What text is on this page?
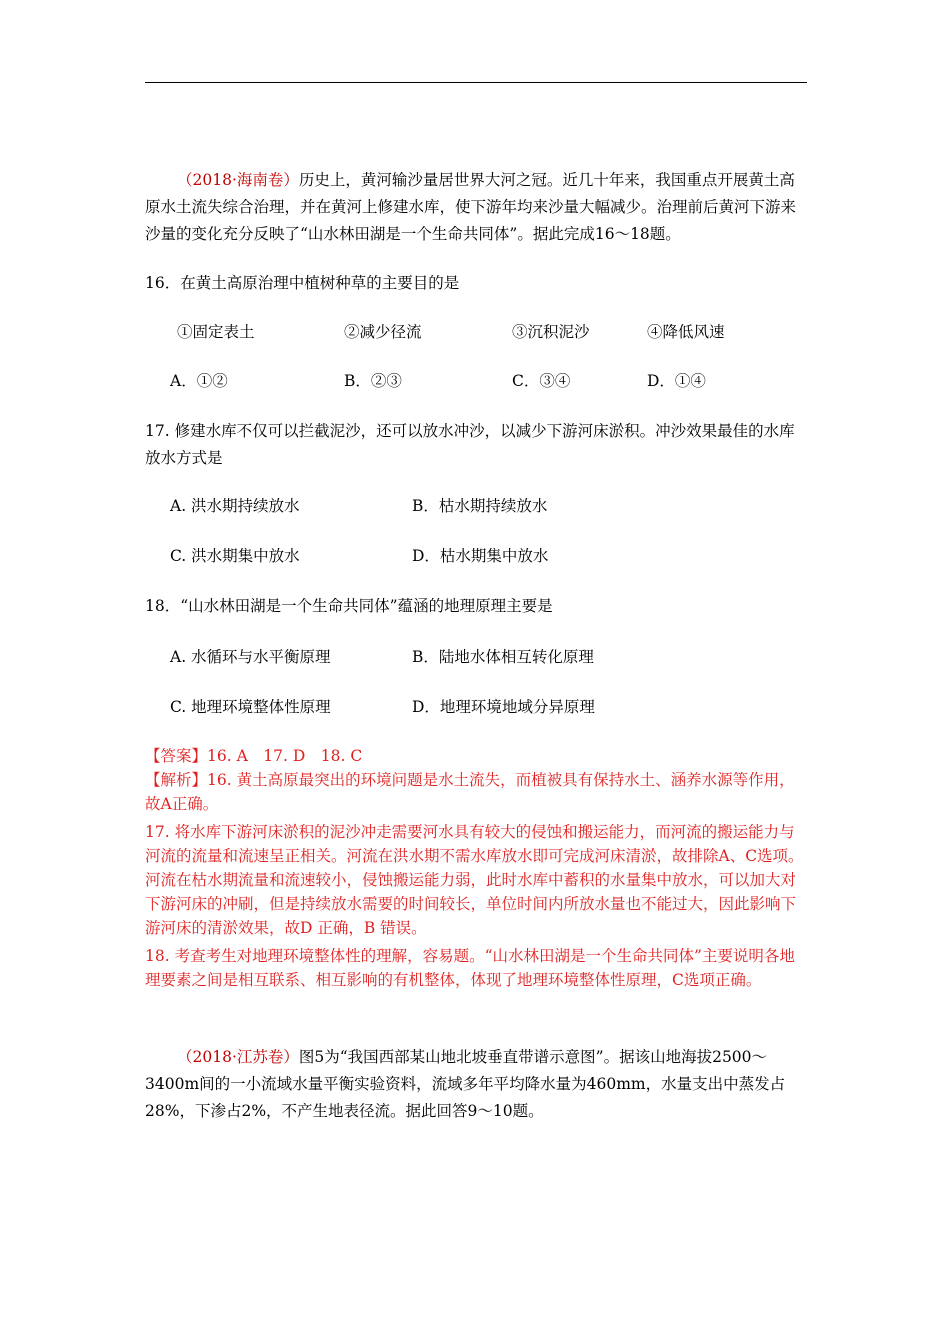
（2018·海南卷）历史上，黄河输沙量居世界大河之冠。近几十年来，我国重点开展黄土高原水土流失综合治理，并在黄河上修建水库，使下游年均来沙量大幅减少。治理前后黄河下游来沙量的变化充分反映了“山水林田湖是一个生命共同体”。据此完成16～18题。
16．在黄土高原治理中植树种草的主要目的是
①固定表土	②减少径流	③沉积泥沙	④降低风速
A．①②	B．②③	C．③④	D．①④
17. 修建水库不仅可以拦截泥沙，还可以放水冲沙，以减少下游河床淤积。冲沙效果最佳的水库放水方式是
A. 洪水期持续放水	B．枯水期持续放水
C. 洪水期集中放水	D．枯水期集中放水
18．“山水林田湖是一个生命共同体”蕴涵的地理原理主要是
A. 水循环与水平衡原理	B．陆地水体相互转化原理
C. 地理环境整体性原理	D．地理环境地域分异原理
【答案】16. A　17. D　18. C
【解析】16. 黄土高原最突出的环境问题是水土流失，而植被具有保持水土、涵养水源等作用，故A正确。
17. 将水库下游河床淤积的泥沙冲走需要河水具有较大的侵蚀和搬运能力，而河流的搬运能力与河流的流量和流速呈正相关。河流在洪水期不需水库放水即可完成河床清淤，故排除A、C选项。河流在枯水期流量和流速较小，侵蚀搬运能力弱，此时水库中蓄积的水量集中放水，可以加大对下游河床的冲刷，但是持续放水需要的时间较长，单位时间内所放水量也不能过大，因此影响下游河床的清淤效果，故D 正确，B 错误。
18. 考查考生对地理环境整体性的理解，容易题。“山水林田湖是一个生命共同体”主要说明各地理要素之间是相互联系、相互影响的有机整体，体现了地理环境整体性原理，C选项正确。
（2018·江苏卷）图5为“我国西部某山地北坡垂直带谱示意图”。据该山地海拔2500～3400m间的一小流域水量平衡实验资料，流域多年平均降水量为460mm，水量支出中蒸发占28%，下渗占2%，不产生地表径流。据此回答9～10题。
